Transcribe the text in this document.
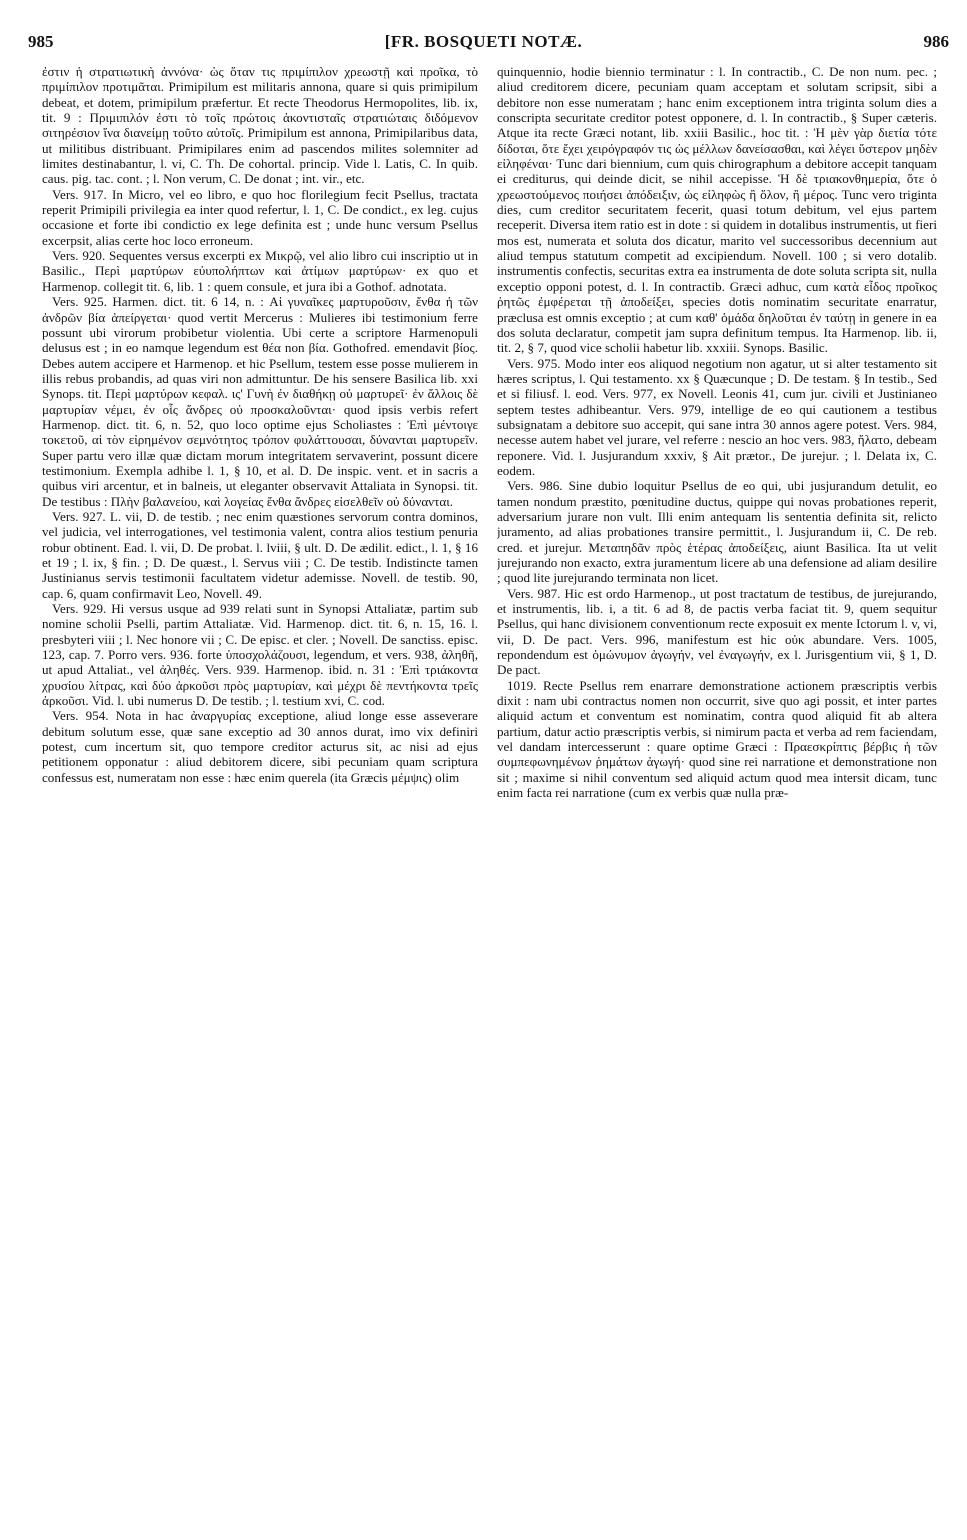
985	[FR. BOSQUETI NOTÆ.	986

ἐστιν ἡ στρατιωτικὴ ἀννόνα· ὡς ὅταν τις πριμίπιλον χρεωστῇ καὶ προῖκα, τὸ πριμίπιλον προτιμᾶται. Primipilum est militaris annona, quare si quis primipilum debeat, et dotem, primipilum præfertur. Et recte Theodorus Hermopolites, lib. ix, tit. 9 : Πριμιπιλόν ἐστι τὸ τοῖς πρώτοις ἀκοντισταῖς στρατιώταις διδόμενον σιτηρέσιον ἵνα διανείμῃ τοῦτο αὐτοῖς. Primipilum est annona, Primipilaribus data, ut militibus distribuant. Primipilares enim ad pascendos milites solemniter ad limites destinabantur, l. vi, C. Th. De cohortal. princip. Vide l. Latis, C. In quib. caus. pig. tac. cont. ; l. Non verum, C. De donat ; int. vir., etc.

Vers. 917. In Micro, vel eo libro, e quo hoc florilegium fecit Psellus, tractata reperit Primipili privilegia ea inter quod refertur, l. 1, C. De condict., ex leg. cujus occasione et forte ibi condictio ex lege definita est ; unde hunc versum Psellus excerpsit, alias certe hoc loco erroneum.

Vers. 920. Sequentes versus excerpti ex Μικρῷ, vel alio libro cui inscriptio ut in Basilic., Περὶ μαρτύρων εὐυπολήπτων καὶ ἀτίμων μαρτύρων· ex quo et Harmenop. collegit tit. 6, lib. 1 : quem consule, et jura ibi a Gothof. adnotata.

Vers. 925. Harmen. dict. tit. 6 14, n. : Αἱ γυναῖκες μαρτυροῦσιν, ἔνθα ἡ τῶν ἀνδρῶν βία ἀπείργεται· quod vertit Mercerus : Mulieres ibi testimonium ferre possunt ubi virorum probibetur violentia. Ubi certe a scriptore Harmenopuli delusus est ; in eo namque legendum est θέα non βία. Gothofred. emendavit βίος. Debes autem accipere et Harmenop. et hic Psellum, testem esse posse mulierem in illis rebus probandis, ad quas viri non admittuntur. De his sensere Basilica lib. xxi Synops. tit. Περὶ μαρτύρων κεφαλ. ις' Γυνὴ ἐν διαθήκῃ οὐ μαρτυρεῖ· ἐν ἄλλοις δὲ μαρτυρίαν νέμει, ἐν οἷς ἄνδρες οὐ προσκαλοῦνται· quod ipsis verbis refert Harmenop. dict. tit. 6, n. 52, quo loco optime ejus Scholiastes : Ἐπὶ μέντοιγε τοκετοῦ, αἱ τὸν εἰρημένον σεμνότητος τρόπον φυλάττουσαι, δύνανται μαρτυρεῖν. Super partu vero illæ quæ dictam morum integritatem servaverint, possunt dicere testimonium. Exempla adhibe l. 1, § 10, et al. D. De inspic. vent. et in sacris a quibus viri arcentur, et in balneis, ut eleganter observavit Attaliata in Synopsi. tit. De testibus : Πλὴν βαλανείου, καὶ λογείας ἔνθα ἄνδρες εἰσελθεῖν οὐ δύνανται.

Vers. 927. L. vii, D. de testib. ; nec enim quæstiones servorum contra dominos, vel judicia, vel interrogationes, vel testimonia valent, contra alios testium penuria robur obtinent. Ead. l. vii, D. De probat. l. lviii, § ult. D. De ædilit. edict., l. 1, § 16 et 19 ; l. ix, § fin. ; D. De quæst., l. Servus viii ; C. De testib. Indistincte tamen Justinianus servis testimonii facultatem videtur ademisse. Novell. de testib. 90, cap. 6, quam confirmavit Leo, Novell. 49.

Vers. 929. Hi versus usque ad 939 relati sunt in Synopsi Attaliatæ, partim sub nomine scholii Pselli, partim Attaliatæ. Vid. Harmenop. dict. tit. 6, n. 15, 16. l. presbyteri viii ; l. Nec honore vii ; C. De episc. et cler. ; Novell. De sanctiss. episc. 123, cap. 7. Porro vers. 936. forte ὑποσχολάζουσι, legendum, et vers. 938, ἀληθῆ, ut apud Attaliat., vel ἀληθές. Vers. 939. Harmenop. ibid. n. 31 : Ἐπὶ τριάκοντα χρυσίου λίτρας, καὶ δύο ἀρκοῦσι πρὸς μαρτυρίαν, καὶ μέχρι δὲ πεντήκοντα τρεῖς ἀρκοῦσι. Vid. l. ubi numerus D. De testib. ; l. testium xvi, C. cod.

Vers. 954. Nota in hac ἀναργυρίας exceptione, aliud longe esse asseverare debitum solutum esse, quæ sane exceptio ad 30 annos durat, imo vix definiri potest, cum incertum sit, quo tempore creditor acturus sit, ac nisi ad ejus petitionem opponatur : aliud debitorem dicere, sibi pecuniam quam scriptura confessus est, numeratam non esse : hæc enim querela (ita Græcis μέμψις) olim

quinquennio, hodie biennio terminatur : l. In contractib., C. De non num. pec. ; aliud creditorem dicere, pecuniam quam acceptam et solutam scripsit, sibi a debitore non esse numeratam ; hanc enim exceptionem intra triginta solum dies a conscripta securitate creditor potest opponere, d. l. In contractib., § Super cæteris. Atque ita recte Græci notant, lib. xxiii Basilic., hoc tit. : Ἡ μὲν γὰρ διετία τότε δίδοται, ὅτε ἔχει χειρόγραφόν τις ὡς μέλλων δανείσασθαι, καὶ λέγει ὕστερον μηδὲν εἰληφέναι· Tunc dari biennium, cum quis chirographum a debitore accepit tanquam ei crediturus, qui deinde dicit, se nihil accepisse. Ἡ δὲ τριακονθημερία, ὅτε ὁ χρεωστούμενος ποιήσει ἀπόδειξιν, ὡς εἰληφὼς ἢ ὅλον, ἢ μέρος. Tunc vero triginta dies, cum creditor securitatem fecerit, quasi totum debitum, vel ejus partem receperit. Diversa item ratio est in dote : si quidem in dotalibus instrumentis, ut fieri mos est, numerata et soluta dos dicatur, marito vel successoribus decennium aut aliud tempus statutum competit ad excipiendum. Novell. 100 ; si vero dotalib. instrumentis confectis, securitas extra ea instrumenta de dote soluta scripta sit, nulla exceptio opponi potest, d. l. In contractib. Græci adhuc, cum κατὰ εἶδος προῖκος ῥητῶς ἐμφέρεται τῇ ἀποδείξει, species dotis nominatim securitate enarratur, præclusa est omnis exceptio ; at cum καθ' ὁμάδα δηλοῦται ἐν ταύτῃ in genere in ea dos soluta declaratur, competit jam supra definitum tempus. Ita Harmenop. lib. ii, tit. 2, § 7, quod vice scholii habetur lib. xxxiii. Synops. Basilic.

Vers. 975. Modo inter eos aliquod negotium non agatur, ut si alter testamento sit hæres scriptus, l. Qui testamento. xx § Quæcunque ; D. De testam. § In testib., Sed et si filiusf. l. eod. Vers. 977, ex Novell. Leonis 41, cum jur. civili et Justinianeo septem testes adhibeantur. Vers. 979, intellige de eo qui cautionem a testibus subsignatam a debitore suo accepit, qui sane intra 30 annos agere potest. Vers. 984, necesse autem habet vel jurare, vel referre : nescio an hoc vers. 983, ἥλατο, debeam reponere. Vid. l. Jusjurandum xxxiv, § Ait prætor., De jurejur. ; l. Delata ix, C. eodem.

Vers. 986. Sine dubio loquitur Psellus de eo qui, ubi jusjurandum detulit, eo tamen nondum præstito, pœnitudine ductus, quippe qui novas probationes reperit, adversarium jurare non vult. Illi enim antequam lis sententia definita sit, relicto juramento, ad alias probationes transire permittit., l. Jusjurandum ii, C. De reb. cred. et jurejur. Μεταπηδᾶν πρὸς ἑτέρας ἀποδείξεις, aiunt Basilica. Ita ut velit jurejurando non exacto, extra juramentum licere ab una defensione ad aliam desilire ; quod lite jurejurando terminata non licet.

Vers. 987. Hic est ordo Harmenop., ut post tractatum de testibus, de jurejurando, et instrumentis, lib. i, a tit. 6 ad 8, de pactis verba faciat tit. 9, quem sequitur Psellus, qui hanc divisionem conventionum recte exposuit ex mente Ictorum l. v, vi, vii, D. De pact. Vers. 996, manifestum est hic οὐκ abundare. Vers. 1005, repondendum est ὁμώνυμον ἀγωγήν, vel ἐναγωγήν, ex l. Jurisgentium vii, § 1, D. De pact.

1019. Recte Psellus rem enarrare demonstratione actionem præscriptis verbis dixit : nam ubi contractus nomen non occurrit, sive quo agi possit, et inter partes aliquid actum et conventum est nominatim, contra quod aliquid fit ab altera partium, datur actio præscriptis verbis, si nimirum pacta et verba ad rem faciendam, vel dandam intercesserunt : quare optime Græci : Πραεσκρίπτις βέρβις ἡ τῶν συμπεφωνημένων ῥημάτων ἀγωγή· quod sine rei narratione et demonstratione non sit ; maxime si nihil conventum sed aliquid actum quod mea intersit dicam, tunc enim facta rei narratione (cum ex verbis quæ nulla præ-
